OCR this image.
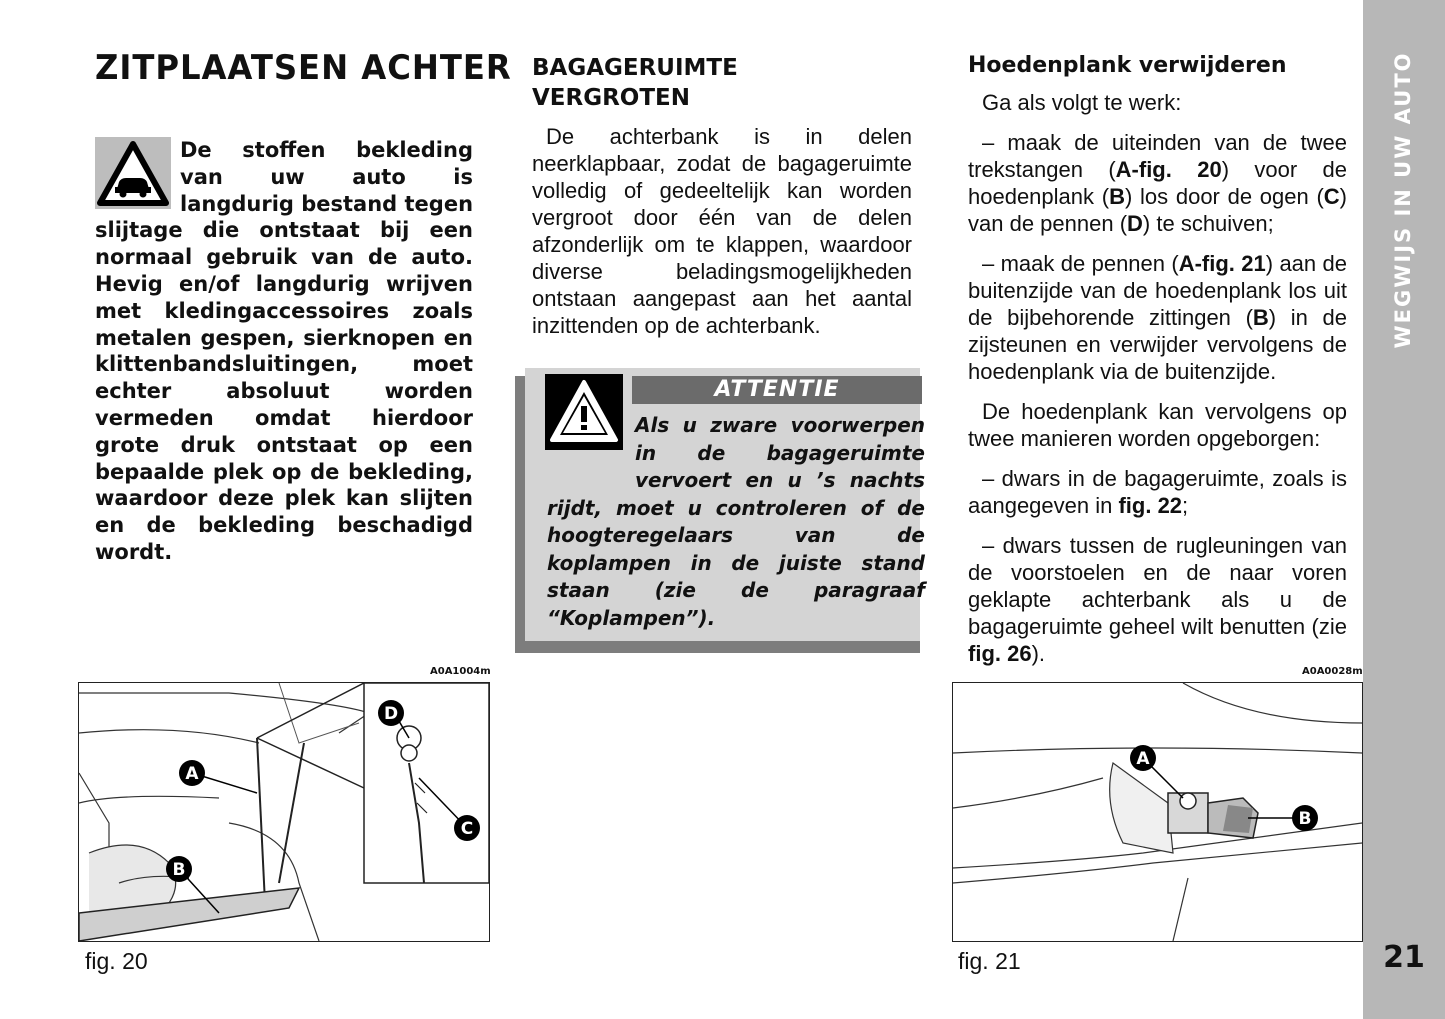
ZITPLAATSEN ACHTER
De stoffen bekleding van uw auto is langdurig bestand tegen slijtage die ontstaat bij een normaal gebruik van de auto. Hevig en/of langdurig wrijven met kledingaccessoires zoals metalen gespen, sierknopen en klittenbandsluitingen, moet echter absoluut worden vermeden omdat hierdoor grote druk ontstaat op een bepaalde plek op de bekleding, waardoor deze plek kan slijten en de bekleding beschadigd wordt.
BAGAGERUIMTE
VERGROTEN

De achterbank is in delen neerklapbaar, zodat de bagageruimte volledig of gedeeltelijk kan worden vergroot door één van de delen afzonderlijk om te klappen, waardoor diverse beladingsmogelijkheden ontstaan aangepast aan het aantal inzittenden op de achterbank.

ATTENTIE
Als u zware voorwerpen in de bagageruimte vervoert en u ’s nachts rijdt, moet u controleren of de hoogteregelaars van de koplampen in de juiste stand staan (zie de paragraaf “Koplampen”).
Hoedenplank verwijderen

Ga als volgt te werk:

– maak de uiteinden van de twee trekstangen (A-fig. 20) voor de hoedenplank (B) los door de ogen (C) van de pennen (D) te schuiven;

– maak de pennen (A-fig. 21) aan de buitenzijde van de hoedenplank los uit de bijbehorende zittingen (B) in de zijsteunen en verwijder vervolgens de hoedenplank via de buitenzijde.

De hoedenplank kan vervolgens op twee manieren worden opgeborgen:

– dwars in de bagageruimte, zoals is aangegeven in fig. 22;

– dwars tussen de rugleuningen van de voorstoelen en de naar voren geklapte achterbank als u de bagageruimte geheel wilt benutten (zie fig. 26).

WEGWIJS IN UW AUTO
21
A0A1004m
A
B
C
D
fig. 20
A0A0028m
A
B
fig. 21
